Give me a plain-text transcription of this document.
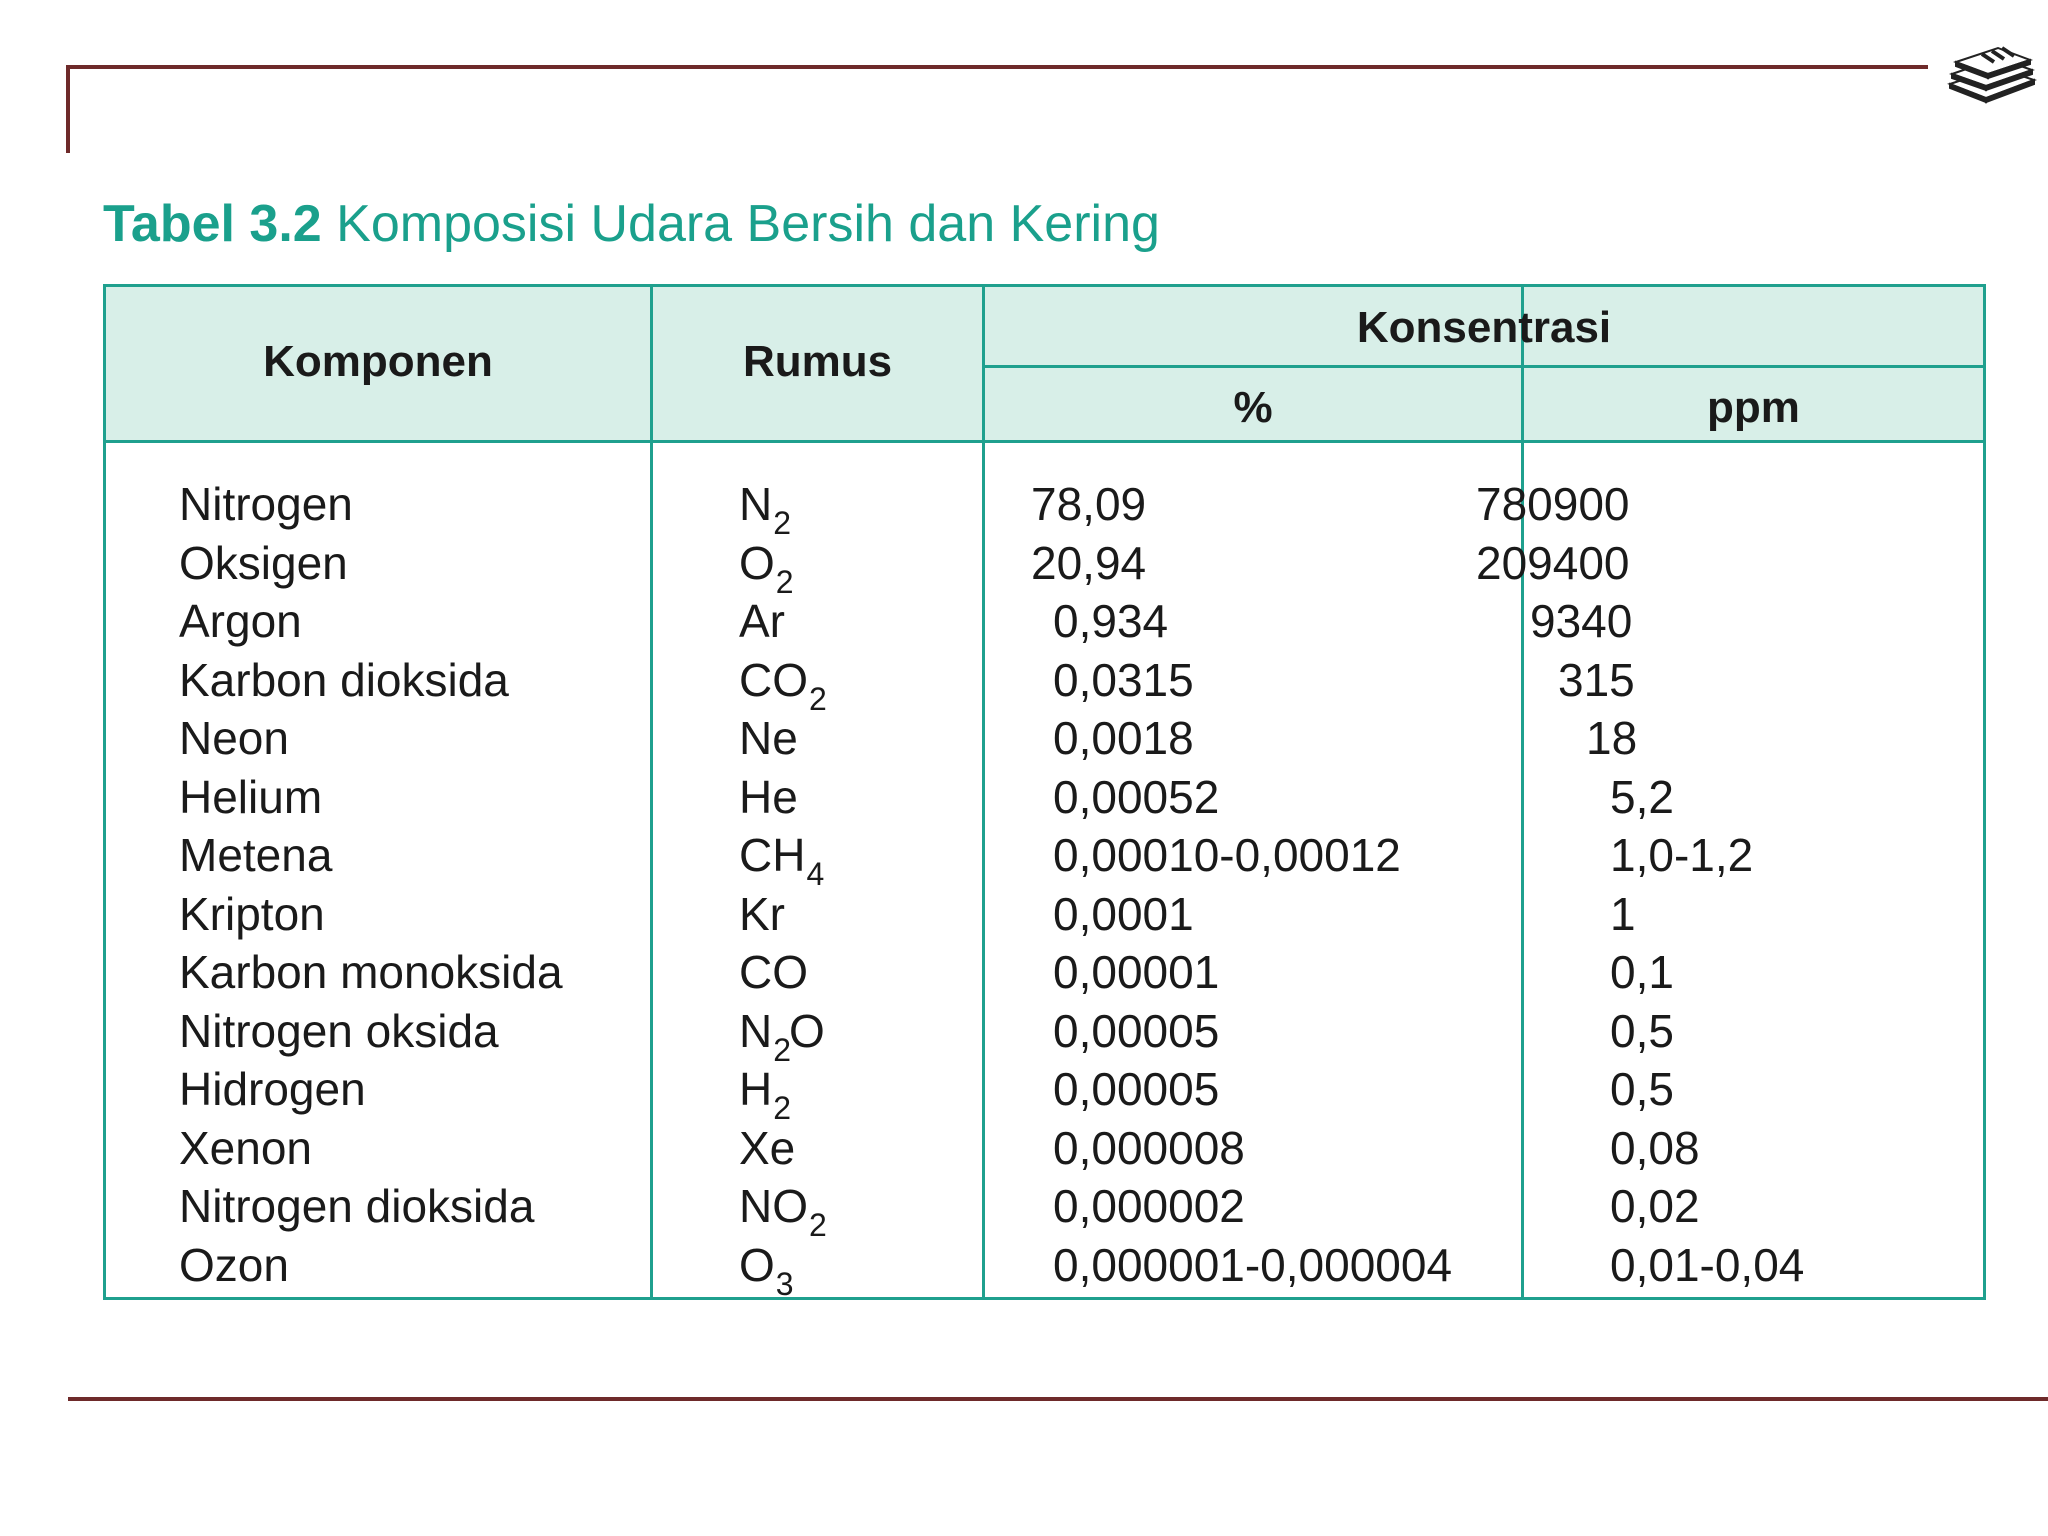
Tabel 3.2 Komposisi Udara Bersih dan Kering
Komponen	Rumus
Konsentrasi
%	ppm
Nitrogen
Oksigen
Argon
Karbon dioksida
Neon
Helium
Metena
Kripton
Karbon monoksida
Nitrogen oksida
Hidrogen
Xenon
Nitrogen dioksida
Ozon
$N_2$
$O_2$
Ar
$CO_2$
Ne
He
$CH_4$
Kr
CO
$N_2O$
$H_2$
Xe
$NO_2$
$O_3$
78,09
20,94
0,934
0,0315
0,0018
0,00052
0,00010-0,00012
0,0001
0,00001
0,00005
0,00005
0,000008
0,000002
0,000001-0,000004
780900
209400
9340
315
18
5,2
1,0-1,2
1
0,1
0,5
0,5
0,08
0,02
0,01-0,04
